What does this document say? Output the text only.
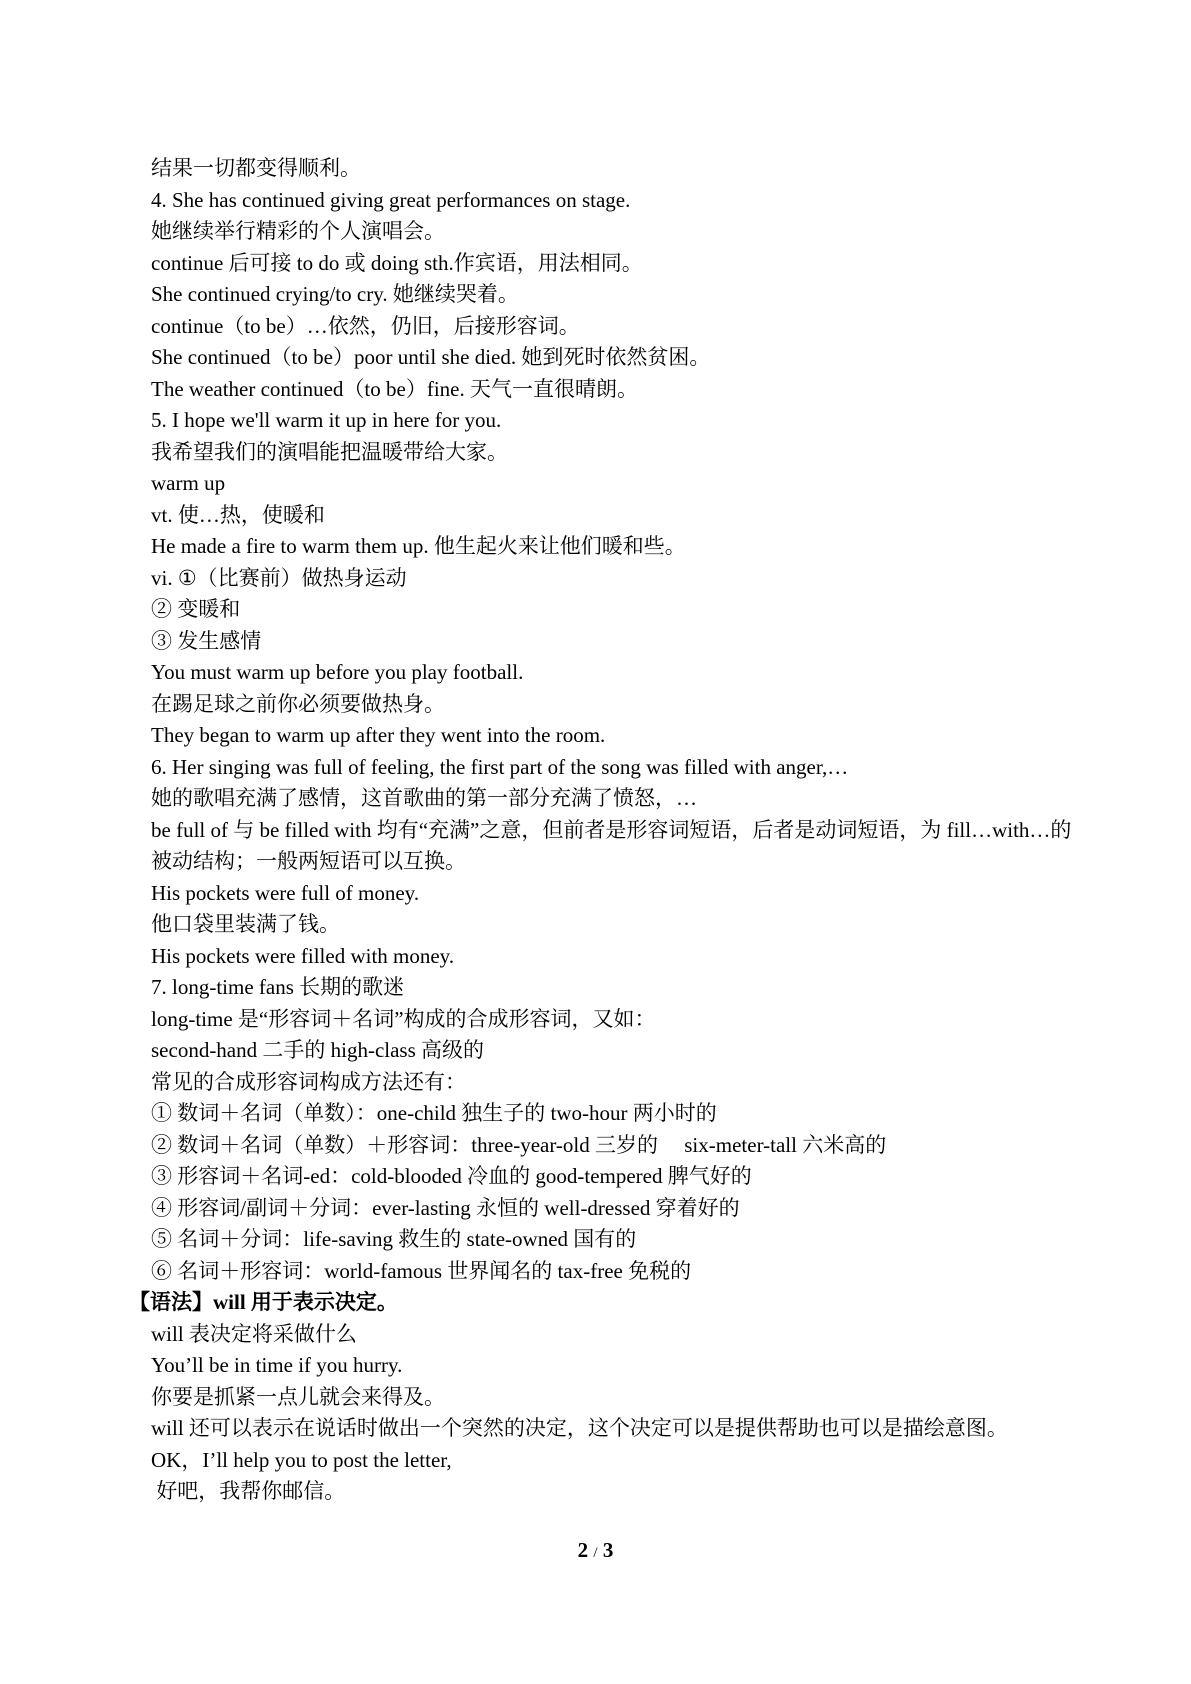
结果一切都变得顺利。
4. She has continued giving great performances on stage.
她继续举行精彩的个人演唱会。
continue 后可接 to do 或 doing sth.作宾语，用法相同。
She continued crying/to cry. 她继续哭着。
continue（to be）…依然，仍旧，后接形容词。
She continued（to be）poor until she died. 她到死时依然贫困。
The weather continued（to be）fine. 天气一直很晴朗。
5. I hope we'll warm it up in here for you.
我希望我们的演唱能把温暖带给大家。
warm up
vt. 使…热，使暖和
He made a fire to warm them up. 他生起火来让他们暖和些。
vi. ①（比赛前）做热身运动
② 变暖和
③ 发生感情
You must warm up before you play football.
在踢足球之前你必须要做热身。
They began to warm up after they went into the room.
6. Her singing was full of feeling, the first part of the song was filled with anger,…
她的歌唱充满了感情，这首歌曲的第一部分充满了愤怒，…
be full of 与 be filled with 均有“充满”之意，但前者是形容词短语，后者是动词短语，为 fill…with…的被动结构；一般两短语可以互换。
His pockets were full of money.
他口袋里装满了钱。
His pockets were filled with money.
7. long-time fans 长期的歌迷
long-time 是“形容词＋名词”构成的合成形容词，又如：
second-hand 二手的 high-class 高级的
常见的合成形容词构成方法还有：
① 数词＋名词（单数）：one-child 独生子的 two-hour 两小时的
② 数词＋名词（单数）＋形容词：three-year-old 三岁的　 six-meter-tall 六米高的
③ 形容词＋名词-ed：cold-blooded 冷血的 good-tempered 脾气好的
④ 形容词/副词＋分词：ever-lasting 永恒的 well-dressed 穿着好的
⑤ 名词＋分词：life-saving 救生的 state-owned 国有的
⑥ 名词＋形容词：world-famous 世界闻名的 tax-free 免税的
【语法】will 用于表示决定。
will 表决定将采做什么
You’ll be in time if you hurry.
你要是抓紧一点儿就会来得及。
will 还可以表示在说话时做出一个突然的决定，这个决定可以是提供帮助也可以是描绘意图。
OK，I’ll help you to post the letter,
好吧，我帮你邮信。
2 / 3
